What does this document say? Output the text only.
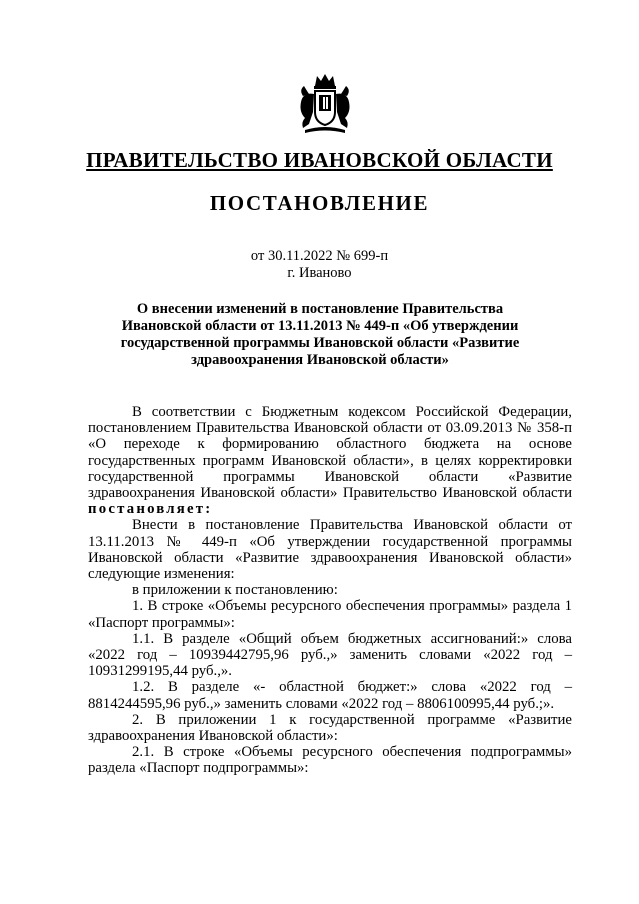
ПРАВИТЕЛЬСТВО ИВАНОВСКОЙ ОБЛАСТИ
ПОСТАНОВЛЕНИЕ
от 30.11.2022 № 699-п
г. Иваново
О внесении изменений в постановление Правительства Ивановской области от 13.11.2013 № 449-п «Об утверждении государственной программы Ивановской области «Развитие здравоохранения Ивановской области»

В соответствии с Бюджетным кодексом Российской Федерации, постановлением Правительства Ивановской области от 03.09.2013 № 358-п «О переходе к формированию областного бюджета на основе государственных программ Ивановской области», в целях корректировки государственной программы Ивановской области «Развитие здравоохранения Ивановской области» Правительство Ивановской области постановляет:

Внести в постановление Правительства Ивановской области от 13.11.2013 № 449-п «Об утверждении государственной программы Ивановской области «Развитие здравоохранения Ивановской области» следующие изменения:

в приложении к постановлению:

1. В строке «Объемы ресурсного обеспечения программы» раздела 1 «Паспорт программы»:

1.1. В разделе «Общий объем бюджетных ассигнований:» слова «2022 год – 10939442795,96 руб.,» заменить словами «2022 год – 10931299195,44 руб.,».

1.2. В разделе «- областной бюджет:» слова «2022 год – 8814244595,96 руб.,» заменить словами «2022 год – 8806100995,44 руб.;».

2. В приложении 1 к государственной программе «Развитие здравоохранения Ивановской области»:

2.1. В строке «Объемы ресурсного обеспечения подпрограммы» раздела «Паспорт подпрограммы»:
